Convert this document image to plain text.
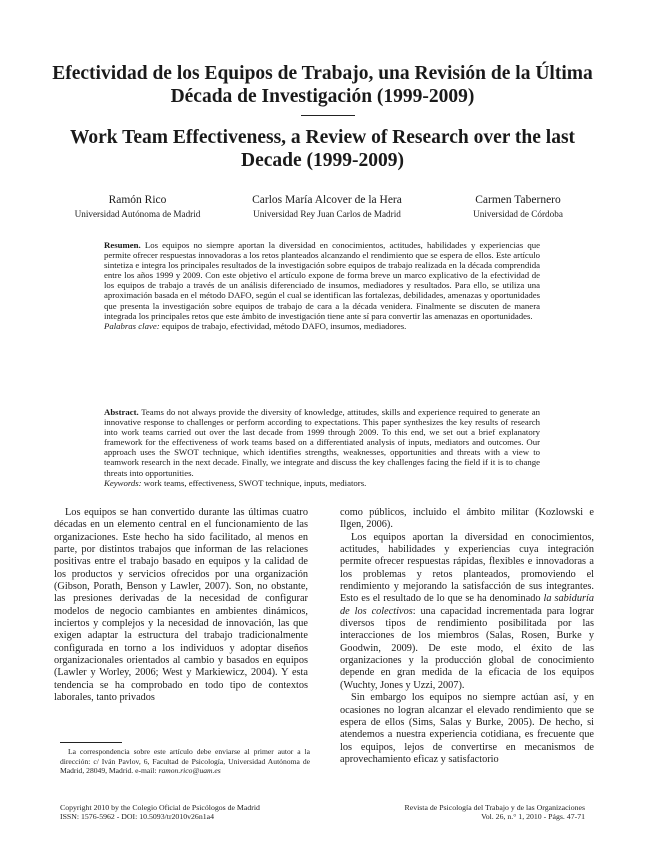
Efectividad de los Equipos de Trabajo, una Revisión de la Última Década de Investigación (1999-2009)
Work Team Effectiveness, a Review of Research over the last Decade (1999-2009)
Ramón Rico
Universidad Autónoma de Madrid
Carlos María Alcover de la Hera
Universidad Rey Juan Carlos de Madrid
Carmen Tabernero
Universidad de Córdoba

Resumen. Los equipos no siempre aportan la diversidad en conocimientos, actitudes, habilidades y experiencias que permite ofrecer respuestas innovadoras a los retos planteados alcanzando el rendimiento que se espera de ellos. Este artículo sintetiza e integra los principales resultados de la investigación sobre equipos de trabajo realizada en la década comprendida entre los años 1999 y 2009. Con este objetivo el artículo expone de forma breve un marco explicativo de la efectividad de los equipos de trabajo a través de un análisis diferenciado de insumos, mediadores y resultados. Para ello, se utiliza una aproximación basada en el método DAFO, según el cual se identifican las fortalezas, debilidades, amenazas y oportunidades que presenta la investigación sobre equipos de trabajo de cara a la década venidera. Finalmente se discuten de manera integrada los principales retos que este ámbito de investigación tiene ante sí para convertir las amenazas en oportunidades.

Palabras clave: equipos de trabajo, efectividad, método DAFO, insumos, mediadores.

Abstract. Teams do not always provide the diversity of knowledge, attitudes, skills and experience required to generate an innovative response to challenges or perform according to expectations. This paper synthesizes the key results of research into work teams carried out over the last decade from 1999 through 2009. To this end, we set out a brief explanatory framework for the effectiveness of work teams based on a differentiated analysis of inputs, mediators and outcomes. Our approach uses the SWOT technique, which identifies strengths, weaknesses, opportunities and threats with a view to teamwork research in the next decade. Finally, we integrate and discuss the key challenges facing the field if it is to change threats into opportunities.

Keywords: work teams, effectiveness, SWOT technique, inputs, mediators.

Los equipos se han convertido durante las últimas cuatro décadas en un elemento central en el funcionamiento de las organizaciones. Este hecho ha sido facilitado, al menos en parte, por distintos trabajos que informan de las relaciones positivas entre el trabajo basado en equipos y la calidad de los productos y servicios ofrecidos por una organización (Gibson, Porath, Benson y Lawler, 2007). Son, no obstante, las presiones derivadas de la necesidad de configurar modelos de negocio cambiantes en ambientes dinámicos, inciertos y complejos y la necesidad de innovación, las que exigen adaptar la estructura del trabajo tradicionalmente configurada en torno a los individuos y adoptar diseños organizacionales orientados al cambio y basados en equipos (Lawler y Worley, 2006; West y Markiewicz, 2004). Y esta tendencia se ha comprobado en todo tipo de contextos laborales, tanto privados

como públicos, incluido el ámbito militar (Kozlowski e Ilgen, 2006).

Los equipos aportan la diversidad en conocimientos, actitudes, habilidades y experiencias cuya integración permite ofrecer respuestas rápidas, flexibles e innovadoras a los problemas y retos planteados, promoviendo el rendimiento y mejorando la satisfacción de sus integrantes. Esto es el resultado de lo que se ha denominado la sabiduría de los colectivos: una capacidad incrementada para lograr diversos tipos de rendimiento posibilitada por las interacciones de los miembros (Salas, Rosen, Burke y Goodwin, 2009). De este modo, el éxito de las organizaciones y la producción global de conocimiento depende en gran medida de la eficacia de los equipos (Wuchty, Jones y Uzzi, 2007).

Sin embargo los equipos no siempre actúan así, y en ocasiones no logran alcanzar el elevado rendimiento que se espera de ellos (Sims, Salas y Burke, 2005). De hecho, si atendemos a nuestra experiencia cotidiana, es frecuente que los equipos, lejos de convertirse en mecanismos de aprovechamiento eficaz y satisfactorio

La correspondencia sobre este artículo debe enviarse al primer autor a la dirección: c/ Iván Pavlov, 6, Facultad de Psicología, Universidad Autónoma de Madrid, 28049, Madrid. e-mail: ramon.rico@uam.es

Copyright 2010 by the Colegio Oficial de Psicólogos de Madrid
ISSN: 1576-5962 - DOI: 10.5093/tr2010v26n1a4
Revista de Psicología del Trabajo y de las Organizaciones
Vol. 26, n.° 1, 2010 - Págs. 47-71
